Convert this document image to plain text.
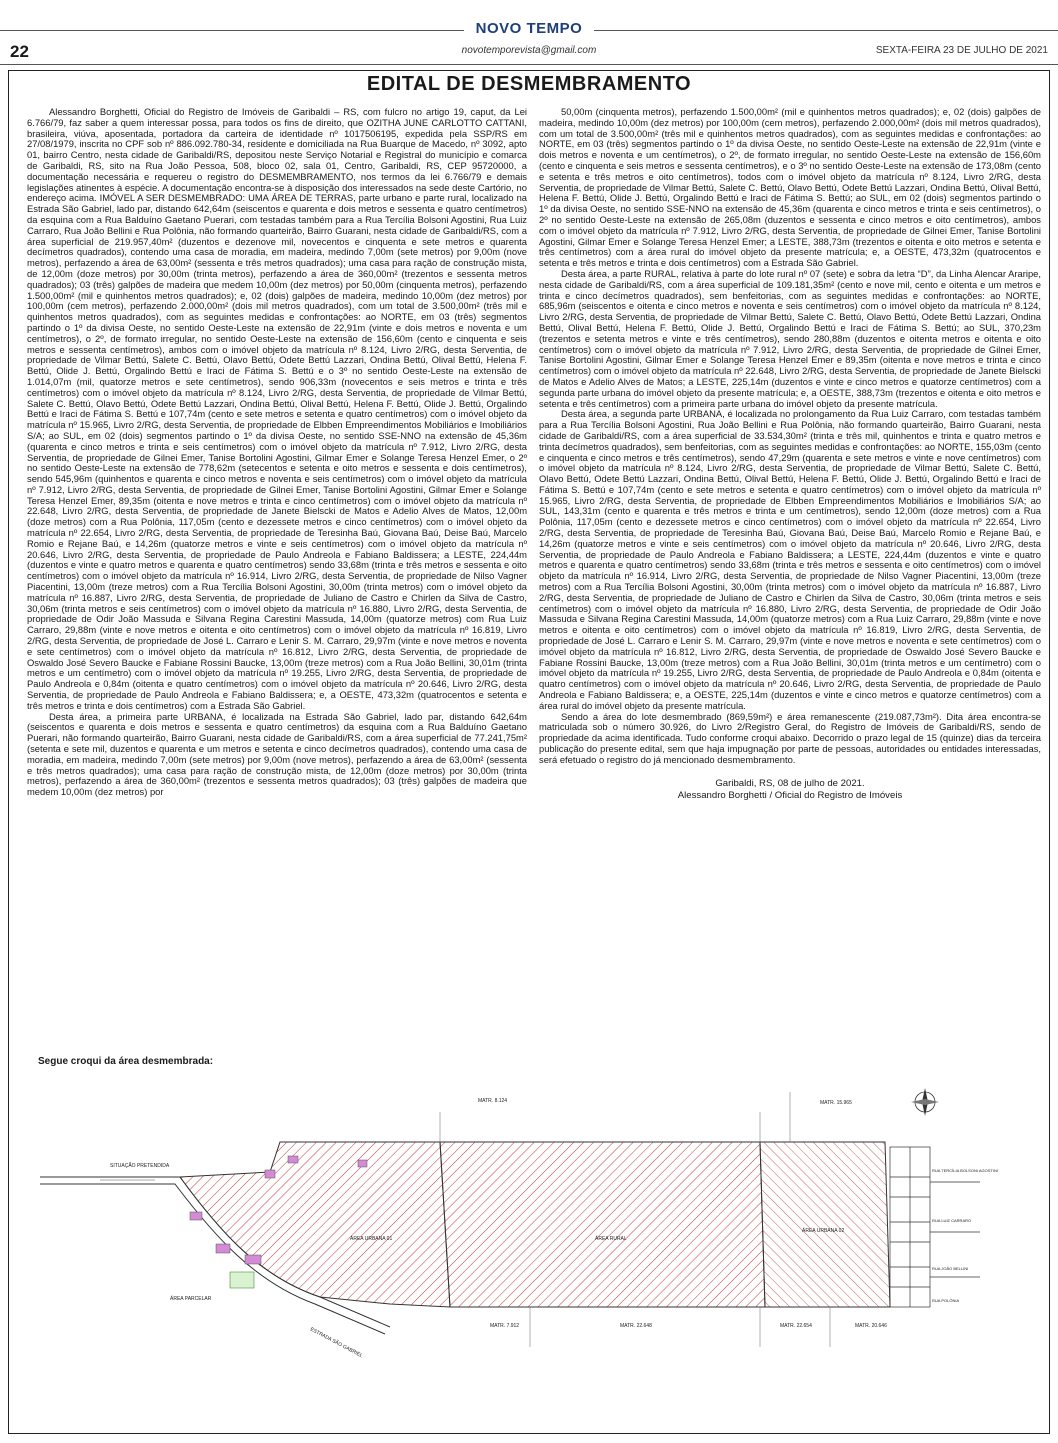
22
NOVO TEMPO
novotemporevista@gmail.com	SEXTA-FEIRA 23 DE JULHO DE 2021
EDITAL DE DESMEMBRAMENTO

Alessandro Borghetti, Oficial do Registro de Imóveis de Garibaldi – RS, com fulcro no artigo 19, caput, da Lei 6.766/79, faz saber a quem interessar possa, para todos os fins de direito, que OZITHA JUNE CARLOTTO CATTANI, brasileira, viúva, aposentada, portadora da carteira de identidade nº 1017506195, expedida pela SSP/RS em 27/08/1979, inscrita no CPF sob nº 886.092.780-34, residente e domiciliada na Rua Buarque de Macedo, nº 3092, apto 01, bairro Centro, nesta cidade de Garibaldi/RS, depositou neste Serviço Notarial e Registral do município e comarca de Garibaldi, RS, sito na Rua João Pessoa, 508, bloco 02, sala 01, Centro, Garibaldi, RS, CEP 95720000, a documentação necessária e requereu o registro do DESMEMBRAMENTO, nos termos da lei 6.766/79 e demais legislações atinentes à espécie. A documentação encontra-se à disposição dos interessados na sede deste Cartório, no endereço acima. IMÓVEL A SER DESMEMBRADO: UMA ÁREA DE TERRAS, parte urbano e parte rural, localizado na Estrada São Gabriel, lado par, distando 642,64m (seiscentos e quarenta e dois metros e sessenta e quatro centímetros) da esquina com a Rua Balduíno Gaetano Puerari, com testadas também para a Rua Tercília Bolsoni Agostini, Rua Luiz Carraro, Rua João Bellini e Rua Polônia, não formando quarteirão, Bairro Guarani, nesta cidade de Garibaldi/RS, com a área superficial de 219.957,40m² (duzentos e dezenove mil, novecentos e cinquenta e sete metros e quarenta decímetros quadrados), contendo uma casa de moradia, em madeira, medindo 7,00m (sete metros) por 9,00m (nove metros), perfazendo a área de 63,00m² (sessenta e três metros quadrados); uma casa para ração de construção mista, de 12,00m (doze metros) por 30,00m (trinta metros), perfazendo a área de 360,00m² (trezentos e sessenta metros quadrados); 03 (três) galpões de madeira que medem 10,00m (dez metros) por 50,00m (cinquenta metros), perfazendo 1.500,00m² (mil e quinhentos metros quadrados); e, 02 (dois) galpões de madeira, medindo 10,00m (dez metros) por 100,00m (cem metros), perfazendo 2.000,00m² (dois mil metros quadrados), com um total de 3.500,00m² (três mil e quinhentos metros quadrados), com as seguintes medidas e confrontações: ao NORTE, em 03 (três) segmentos partindo o 1º da divisa Oeste, no sentido Oeste-Leste na extensão de 22,91m (vinte e dois metros e noventa e um centímetros), o 2º, de formato irregular, no sentido Oeste-Leste na extensão de 156,60m (cento e cinquenta e seis metros e sessenta centímetros), ambos com o imóvel objeto da matrícula nº 8.124, Livro 2/RG, desta Serventia, de propriedade de Vilmar Bettú, Salete C. Bettú, Olavo Bettú, Odete Bettú Lazzari, Ondina Bettú, Olival Bettú, Helena F. Bettú, Olide J. Bettú, Orgalindo Bettú e Iraci de Fátima S. Bettú e o 3º no sentido Oeste-Leste na extensão de 1.014,07m (mil, quatorze metros e sete centímetros), sendo 906,33m (novecentos e seis metros e trinta e três centímetros) com o imóvel objeto da matrícula nº 8.124, Livro 2/RG, desta Serventia, de propriedade de Vilmar Bettú, Salete C. Bettú, Olavo Bettú, Odete Bettú Lazzari, Ondina Bettú, Olival Bettú, Helena F. Bettú, Olide J. Bettú, Orgalindo Bettú e Iraci de Fátima S. Bettú e 107,74m (cento e sete metros e setenta e quatro centímetros) com o imóvel objeto da matrícula nº 15.965, Livro 2/RG, desta Serventia, de propriedade de Elbben Empreendimentos Mobiliários e Imobiliários S/A; ao SUL, em 02 (dois) segmentos partindo o 1º da divisa Oeste, no sentido SSE-NNO na extensão de 45,36m (quarenta e cinco metros e trinta e seis centímetros) com o imóvel objeto da matrícula nº 7.912, Livro 2/RG, desta Serventia, de propriedade de Gilnei Emer, Tanise Bortolini Agostini, Gilmar Emer e Solange Teresa Henzel Emer, o 2º no sentido Oeste-Leste na extensão de 778,62m (setecentos e setenta e oito metros e sessenta e dois centímetros), sendo 545,96m (quinhentos e quarenta e cinco metros e noventa e seis centímetros) com o imóvel objeto da matrícula nº 7.912, Livro 2/RG, desta Serventia, de propriedade de Gilnei Emer, Tanise Bortolini Agostini, Gilmar Emer e Solange Teresa Henzel Emer, 89,35m (oitenta e nove metros e trinta e cinco centímetros) com o imóvel objeto da matrícula nº 22.648, Livro 2/RG, desta Serventia, de propriedade de Janete Bielscki de Matos e Adelio Alves de Matos, 12,00m (doze metros) com a Rua Polônia, 117,05m (cento e dezessete metros e cinco centímetros) com o imóvel objeto da matrícula nº 22.654, Livro 2/RG, desta Serventia, de propriedade de Teresinha Baú, Giovana Baú, Deise Baú, Marcelo Romio e Rejane Baú, e 14,26m (quatorze metros e vinte e seis centímetros) com o imóvel objeto da matrícula nº 20.646, Livro 2/RG, desta Serventia, de propriedade de Paulo Andreola e Fabiano Baldissera; a LESTE, 224,44m (duzentos e vinte e quatro metros e quarenta e quatro centímetros) sendo 33,68m (trinta e três metros e sessenta e oito centímetros) com o imóvel objeto da matrícula nº 16.914, Livro 2/RG, desta Serventia, de propriedade de Nilso Vagner Piacentini, 13,00m (treze metros) com a Rua Tercília Bolsoni Agostini, 30,00m (trinta metros) com o imóvel objeto da matrícula nº 16.887, Livro 2/RG, desta Serventia, de propriedade de Juliano de Castro e Chirlen da Silva de Castro, 30,06m (trinta metros e seis centímetros) com o imóvel objeto da matrícula nº 16.880, Livro 2/RG, desta Serventia, de propriedade de Odir João Massuda e Silvana Regina Carestini Massuda, 14,00m (quatorze metros) com Rua Luiz Carraro, 29,88m (vinte e nove metros e oitenta e oito centímetros) com o imóvel objeto da matrícula nº 16.819, Livro 2/RG, desta Serventia, de propriedade de José L. Carraro e Lenir S. M. Carraro, 29,97m (vinte e nove metros e noventa e sete centímetros) com o imóvel objeto da matrícula nº 16.812, Livro 2/RG, desta Serventia, de propriedade de Oswaldo José Severo Baucke e Fabiane Rossini Baucke, 13,00m (treze metros) com a Rua João Bellini, 30,01m (trinta metros e um centímetro) com o imóvel objeto da matrícula nº 19.255, Livro 2/RG, desta Serventia, de propriedade de Paulo Andreola e 0,84m (oitenta e quatro centímetros) com o imóvel objeto da matrícula nº 20.646, Livro 2/RG, desta Serventia, de propriedade de Paulo Andreola e Fabiano Baldissera; e, a OESTE, 473,32m (quatrocentos e setenta e três metros e trinta e dois centímetros) com a Estrada São Gabriel.

Desta área, a primeira parte URBANA, é localizada na Estrada São Gabriel, lado par, distando 642,64m (seiscentos e quarenta e dois metros e sessenta e quatro centímetros) da esquina com a Rua Balduíno Gaetano Puerari, não formando quarteirão, Bairro Guarani, nesta cidade de Garibaldi/RS, com a área superficial de 77.241,75m² (setenta e sete mil, duzentos e quarenta e um metros e setenta e cinco decímetros quadrados), contendo uma casa de moradia, em madeira, medindo 7,00m (sete metros) por 9,00m (nove metros), perfazendo a área de 63,00m² (sessenta e três metros quadrados); uma casa para ração de construção mista, de 12,00m (doze metros) por 30,00m (trinta metros), perfazendo a área de 360,00m² (trezentos e sessenta metros quadrados); 03 (três) galpões de madeira que medem 10,00m (dez metros) por

50,00m (cinquenta metros), perfazendo 1.500,00m² (mil e quinhentos metros quadrados); e, 02 (dois) galpões de madeira, medindo 10,00m (dez metros) por 100,00m (cem metros), perfazendo 2.000,00m² (dois mil metros quadrados), com um total de 3.500,00m² (três mil e quinhentos metros quadrados), com as seguintes medidas e confrontações: ao NORTE, em 03 (três) segmentos partindo o 1º da divisa Oeste, no sentido Oeste-Leste na extensão de 22,91m (vinte e dois metros e noventa e um centímetros), o 2º, de formato irregular, no sentido Oeste-Leste na extensão de 156,60m (cento e cinquenta e seis metros e sessenta centímetros), e o 3º no sentido Oeste-Leste na extensão de 173,08m (cento e setenta e três metros e oito centímetros), todos com o imóvel objeto da matrícula nº 8.124, Livro 2/RG, desta Serventia, de propriedade de Vilmar Bettú, Salete C. Bettú, Olavo Bettú, Odete Bettú Lazzari, Ondina Bettú, Olival Bettú, Helena F. Bettú, Olide J. Bettú, Orgalindo Bettú e Iraci de Fátima S. Bettú; ao SUL, em 02 (dois) segmentos partindo o 1º da divisa Oeste, no sentido SSE-NNO na extensão de 45,36m (quarenta e cinco metros e trinta e seis centímetros), o 2º no sentido Oeste-Leste na extensão de 265,08m (duzentos e sessenta e cinco metros e oito centímetros), ambos com o imóvel objeto da matrícula nº 7.912, Livro 2/RG, desta Serventia, de propriedade de Gilnei Emer, Tanise Bortolini Agostini, Gilmar Emer e Solange Teresa Henzel Emer; a LESTE, 388,73m (trezentos e oitenta e oito metros e setenta e três centímetros) com a área rural do imóvel objeto da presente matrícula; e, a OESTE, 473,32m (quatrocentos e setenta e três metros e trinta e dois centímetros) com a Estrada São Gabriel.

Desta área, a parte RURAL, relativa à parte do lote rural nº 07 (sete) e sobra da letra “D”, da Linha Alencar Araripe, nesta cidade de Garibaldi/RS, com a área superficial de 109.181,35m² (cento e nove mil, cento e oitenta e um metros e trinta e cinco decímetros quadrados), sem benfeitorias, com as seguintes medidas e confrontações: ao NORTE, 685,96m (seiscentos e oitenta e cinco metros e noventa e seis centímetros) com o imóvel objeto da matrícula nº 8.124, Livro 2/RG, desta Serventia, de propriedade de Vilmar Bettú, Salete C. Bettú, Olavo Bettú, Odete Bettú Lazzari, Ondina Bettú, Olival Bettú, Helena F. Bettú, Olide J. Bettú, Orgalindo Bettú e Iraci de Fátima S. Bettú; ao SUL, 370,23m (trezentos e setenta metros e vinte e três centímetros), sendo 280,88m (duzentos e oitenta metros e oitenta e oito centímetros) com o imóvel objeto da matrícula nº 7.912, Livro 2/RG, desta Serventia, de propriedade de Gilnei Emer, Tanise Bortolini Agostini, Gilmar Emer e Solange Teresa Henzel Emer e 89,35m (oitenta e nove metros e trinta e cinco centímetros) com o imóvel objeto da matrícula nº 22.648, Livro 2/RG, desta Serventia, de propriedade de Janete Bielscki de Matos e Adelio Alves de Matos; a LESTE, 225,14m (duzentos e vinte e cinco metros e quatorze centímetros) com a segunda parte urbana do imóvel objeto da presente matrícula; e, a OESTE, 388,73m (trezentos e oitenta e oito metros e setenta e três centímetros) com a primeira parte urbana do imóvel objeto da presente matrícula.

Desta área, a segunda parte URBANA, é localizada no prolongamento da Rua Luiz Carraro, com testadas também para a Rua Tercília Bolsoni Agostini, Rua João Bellini e Rua Polônia, não formando quarteirão, Bairro Guarani, nesta cidade de Garibaldi/RS, com a área superficial de 33.534,30m² (trinta e três mil, quinhentos e trinta e quatro metros e trinta decímetros quadrados), sem benfeitorias, com as seguintes medidas e confrontações: ao NORTE, 155,03m (cento e cinquenta e cinco metros e três centímetros), sendo 47,29m (quarenta e sete metros e vinte e nove centímetros) com o imóvel objeto da matrícula nº 8.124, Livro 2/RG, desta Serventia, de propriedade de Vilmar Bettú, Salete C. Bettú, Olavo Bettú, Odete Bettú Lazzari, Ondina Bettú, Olival Bettú, Helena F. Bettú, Olide J. Bettú, Orgalindo Bettú e Iraci de Fátima S. Bettú e 107,74m (cento e sete metros e setenta e quatro centímetros) com o imóvel objeto da matrícula nº 15.965, Livro 2/RG, desta Serventia, de propriedade de Elbben Empreendimentos Mobiliários e Imobiliários S/A; ao SUL, 143,31m (cento e quarenta e três metros e trinta e um centímetros), sendo 12,00m (doze metros) com a Rua Polônia, 117,05m (cento e dezessete metros e cinco centímetros) com o imóvel objeto da matrícula nº 22.654, Livro 2/RG, desta Serventia, de propriedade de Teresinha Baú, Giovana Baú, Deise Baú, Marcelo Romio e Rejane Baú, e 14,26m (quatorze metros e vinte e seis centímetros) com o imóvel objeto da matrícula nº 20.646, Livro 2/RG, desta Serventia, de propriedade de Paulo Andreola e Fabiano Baldissera; a LESTE, 224,44m (duzentos e vinte e quatro metros e quarenta e quatro centímetros) sendo 33,68m (trinta e três metros e sessenta e oito centímetros) com o imóvel objeto da matrícula nº 16.914, Livro 2/RG, desta Serventia, de propriedade de Nilso Vagner Piacentini, 13,00m (treze metros) com a Rua Tercília Bolsoni Agostini, 30,00m (trinta metros) com o imóvel objeto da matrícula nº 16.887, Livro 2/RG, desta Serventia, de propriedade de Juliano de Castro e Chirlen da Silva de Castro, 30,06m (trinta metros e seis centímetros) com o imóvel objeto da matrícula nº 16.880, Livro 2/RG, desta Serventia, de propriedade de Odir João Massuda e Silvana Regina Carestini Massuda, 14,00m (quatorze metros) com a Rua Luiz Carraro, 29,88m (vinte e nove metros e oitenta e oito centímetros) com o imóvel objeto da matrícula nº 16.819, Livro 2/RG, desta Serventia, de propriedade de José L. Carraro e Lenir S. M. Carraro, 29,97m (vinte e nove metros e noventa e sete centímetros) com o imóvel objeto da matrícula nº 16.812, Livro 2/RG, desta Serventia, de propriedade de Oswaldo José Severo Baucke e Fabiane Rossini Baucke, 13,00m (treze metros) com a Rua João Bellini, 30,01m (trinta metros e um centímetro) com o imóvel objeto da matrícula nº 19.255, Livro 2/RG, desta Serventia, de propriedade de Paulo Andreola e 0,84m (oitenta e quatro centímetros) com o imóvel objeto da matrícula nº 20.646, Livro 2/RG, desta Serventia, de propriedade de Paulo Andreola e Fabiano Baldissera; e, a OESTE, 225,14m (duzentos e vinte e cinco metros e quatorze centímetros) com a área rural do imóvel objeto da presente matrícula.

Sendo a área do lote desmembrado (869,59m²) e área remanescente (219.087,73m²). Dita área encontra-se matriculada sob o número 30.926, do Livro 2/Registro Geral, do Registro de Imóveis de Garibaldi/RS, sendo de propriedade da acima identificada. Tudo conforme croqui abaixo. Decorrido o prazo legal de 15 (quinze) dias da terceira publicação do presente edital, sem que haja impugnação por parte de pessoas, autoridades ou entidades interessadas, será efetuado o registro do já mencionado desmembramento.

Garibaldi, RS, 08 de julho de 2021.
Alessandro Borghetti / Oficial do Registro de Imóveis
Segue croqui da área desmembrada:
SITUAÇÃO PRETENDIDA
ÁREA PARCELAR
ÁREA URBANA 01	ÁREA RURAL
ÁREA URBANA 02
MATR. 8.124	MATR. 15.965
MATR. 7.912	MATR. 22.648	MATR. 22.654	MATR. 20.646
ESTRADA SÃO GABRIEL
RUA TERCÍLIA BOLSONI AGOSTINI
RUA LUIZ CARRARO
RUA JOÃO BELLINI
RUA POLÔNIA
